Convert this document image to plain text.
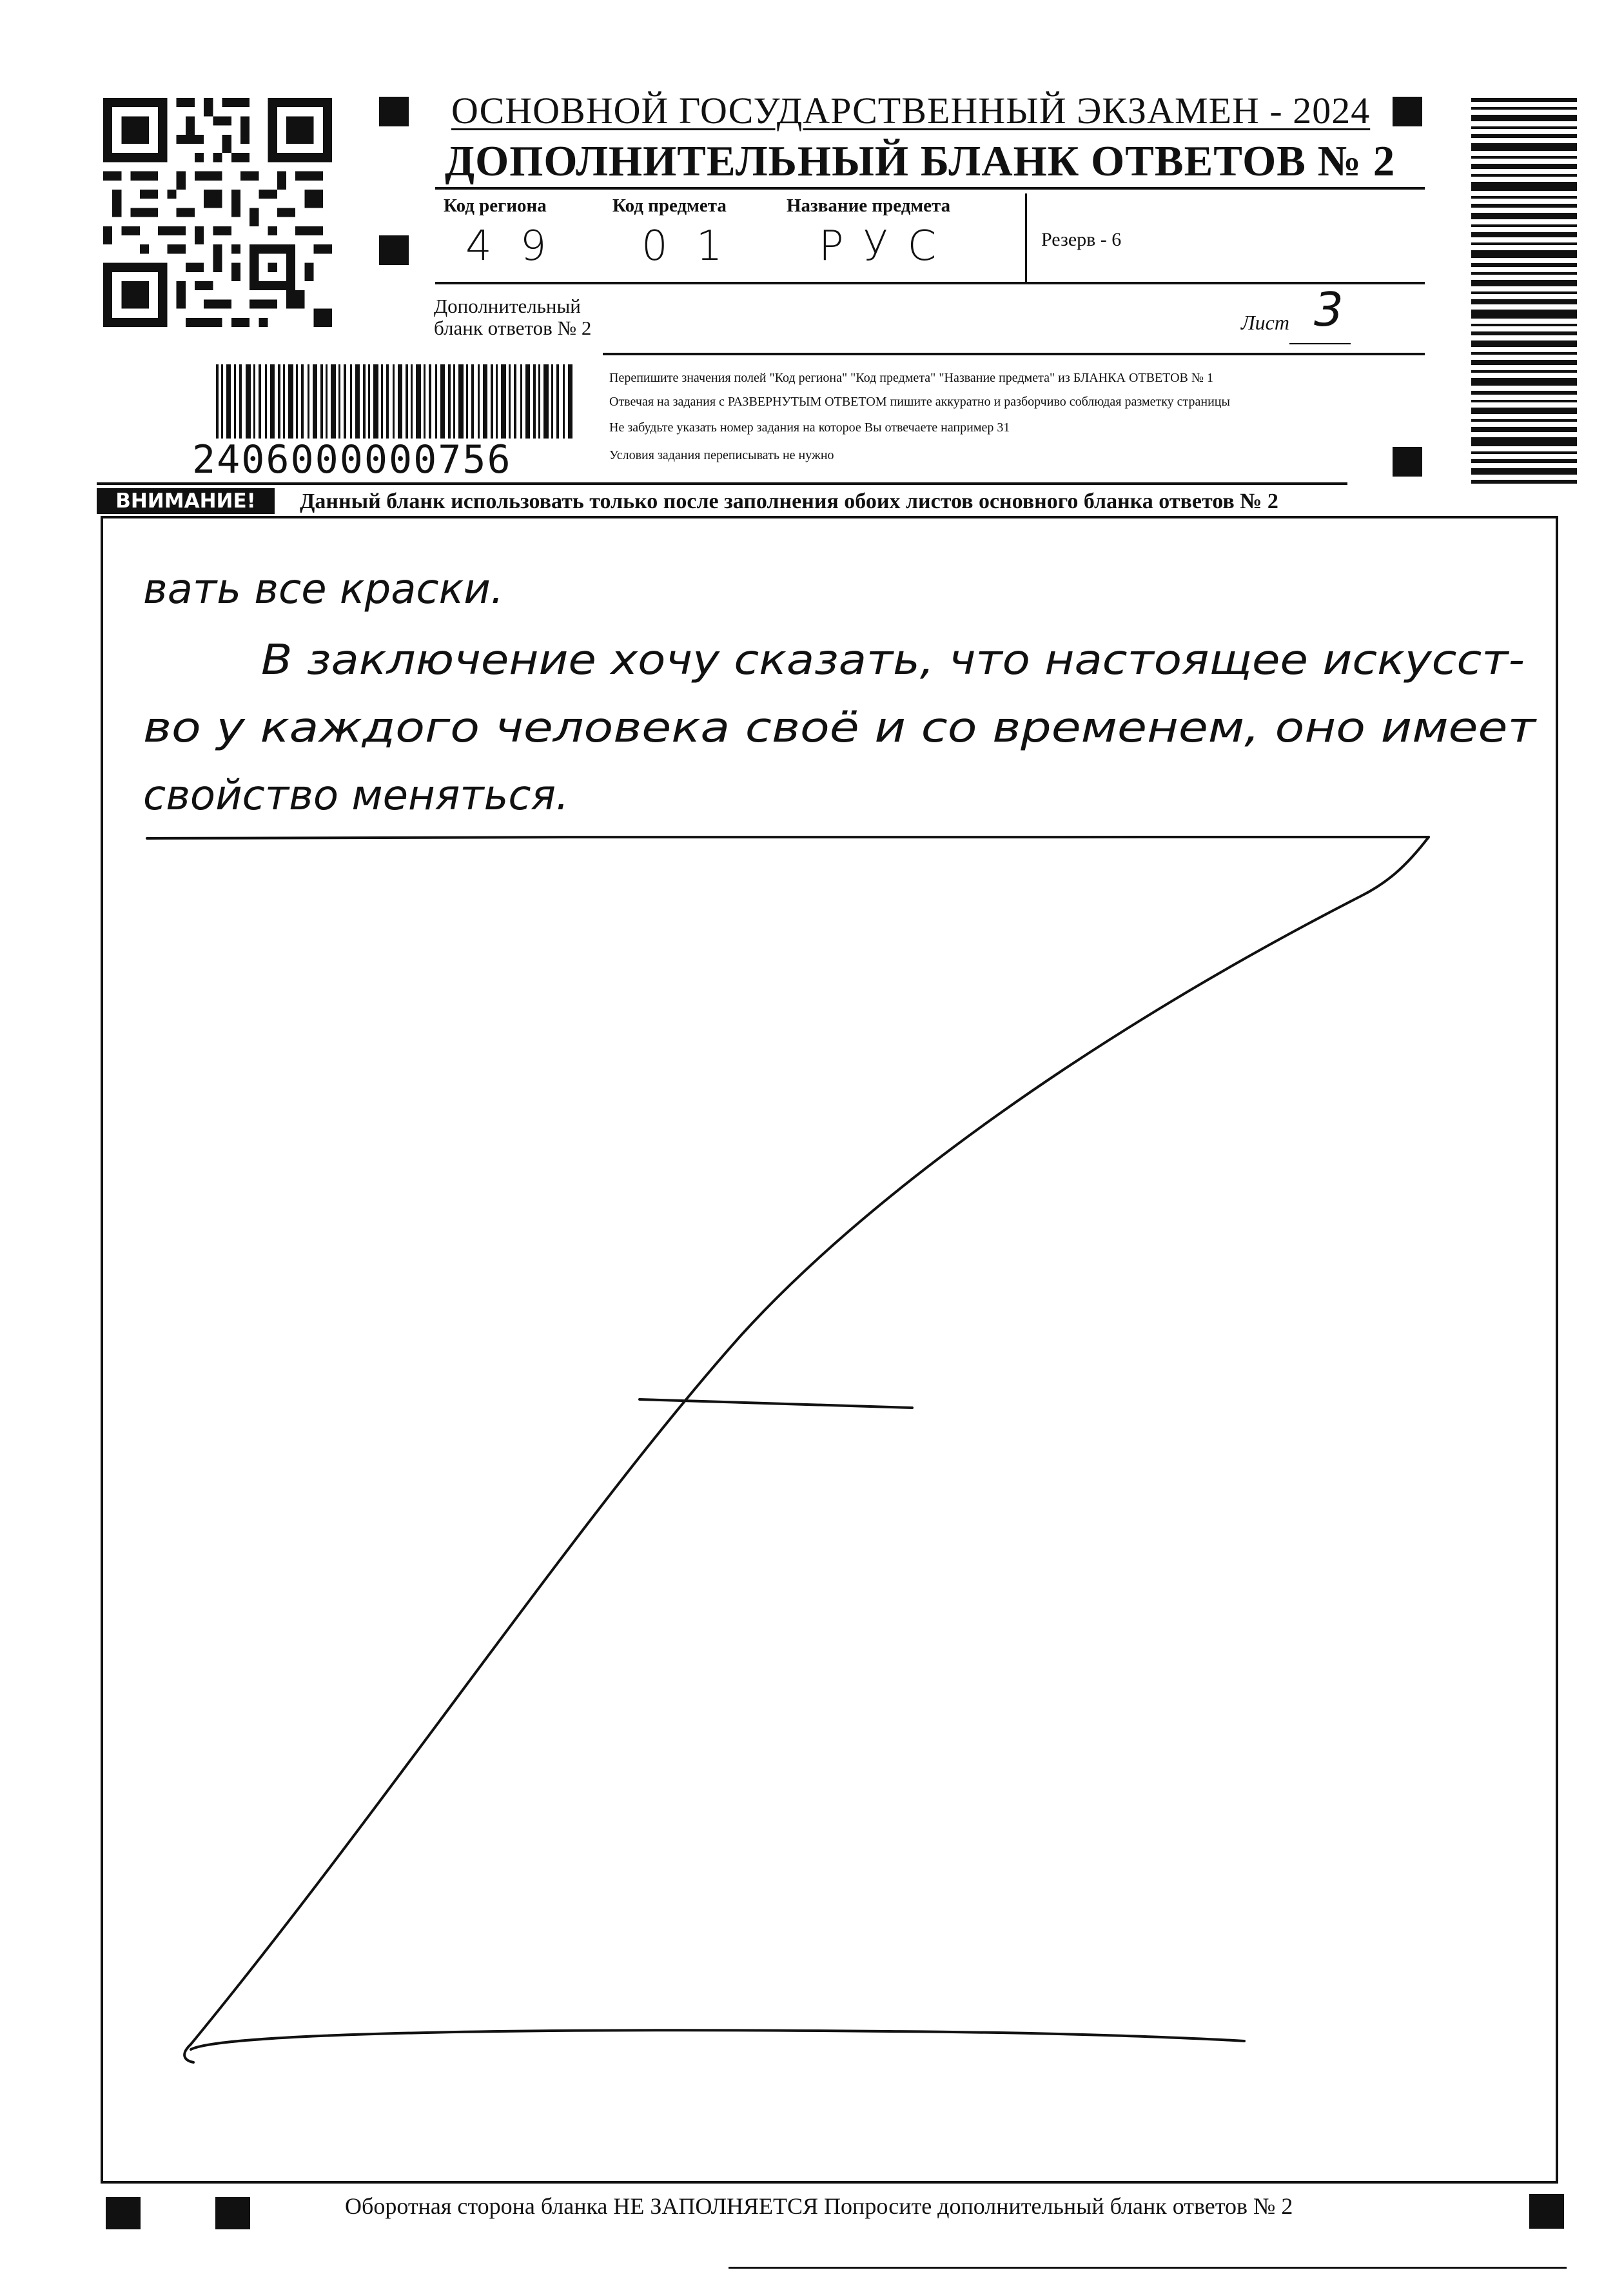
ОСНОВНОЙ ГОСУДАРСТВЕННЫЙ ЭКЗАМЕН - 2024
ДОПОЛНИТЕЛЬНЫЙ БЛАНК ОТВЕТОВ № 2
Код региона	Код предмета	Название предмета
49 01 РУС	Резерв - 6
Дополнительный
бланк ответов № 2	Лист 3
2406000000756
Перепишите значения полей "Код региона" "Код предмета" "Название предмета" из БЛАНКА ОТВЕТОВ № 1
Отвечая на задания с РАЗВЕРНУТЫМ ОТВЕТОМ пишите аккуратно и разборчиво соблюдая разметку страницы
Не забудьте указать номер задания на которое Вы отвечаете например 31
Условия задания переписывать не нужно
ВНИМАНИЕ!	Данный бланк использовать только после заполнения обоих листов основного бланка ответов № 2
вать все краски.
В заключение хочу сказать, что настоящее искусст-
во у каждого человека своё и со временем, оно имеет
свойство меняться.
Оборотная сторона бланка НЕ ЗАПОЛНЯЕТСЯ Попросите дополнительный бланк ответов № 2
